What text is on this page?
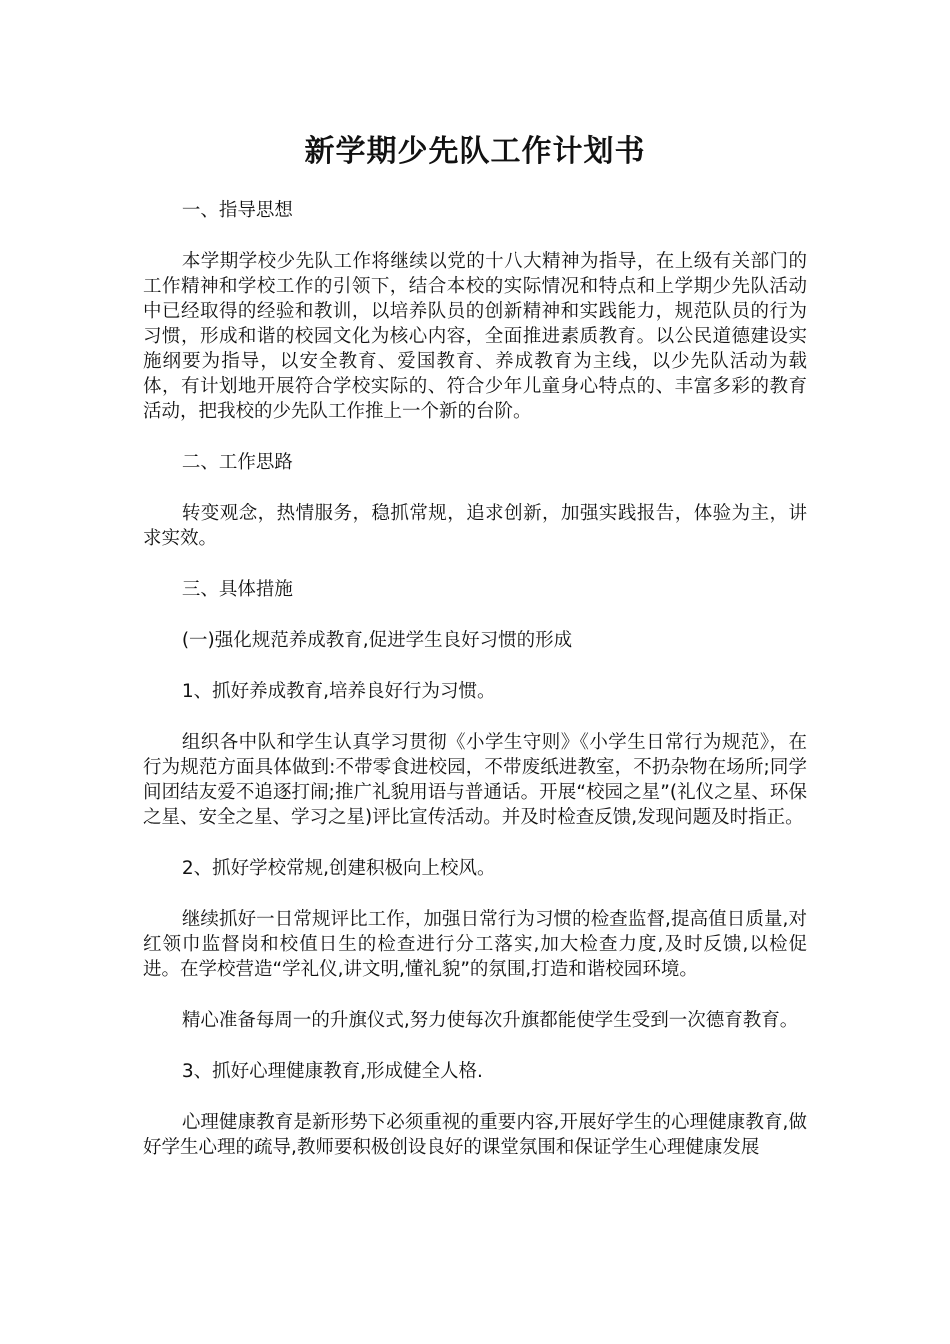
新学期少先队工作计划书

一、指导思想

本学期学校少先队工作将继续以党的十八大精神为指导，在上级有关部门的工作精神和学校工作的引领下，结合本校的实际情况和特点和上学期少先队活动中已经取得的经验和教训，以培养队员的创新精神和实践能力，规范队员的行为习惯，形成和谐的校园文化为核心内容，全面推进素质教育。以公民道德建设实施纲要为指导，以安全教育、爱国教育、养成教育为主线，以少先队活动为载体，有计划地开展符合学校实际的、符合少年儿童身心特点的、丰富多彩的教育活动，把我校的少先队工作推上一个新的台阶。

二、工作思路

转变观念，热情服务，稳抓常规，追求创新，加强实践报告，体验为主，讲求实效。

三、具体措施

(一)强化规范养成教育,促进学生良好习惯的形成

1、抓好养成教育,培养良好行为习惯。

组织各中队和学生认真学习贯彻《小学生守则》《小学生日常行为规范》，在行为规范方面具体做到:不带零食进校园，不带废纸进教室，不扔杂物在场所;同学间团结友爱不追逐打闹;推广礼貌用语与普通话。开展“校园之星”(礼仪之星、环保之星、安全之星、学习之星)评比宣传活动。并及时检查反馈,发现问题及时指正。

2、抓好学校常规,创建积极向上校风。

继续抓好一日常规评比工作，加强日常行为习惯的检查监督,提高值日质量,对红领巾监督岗和校值日生的检查进行分工落实,加大检查力度,及时反馈,以检促进。在学校营造“学礼仪,讲文明,懂礼貌”的氛围,打造和谐校园环境。

精心准备每周一的升旗仪式,努力使每次升旗都能使学生受到一次德育教育。

3、抓好心理健康教育,形成健全人格.

心理健康教育是新形势下必须重视的重要内容,开展好学生的心理健康教育,做好学生心理的疏导,教师要积极创设良好的课堂氛围和保证学生心理健康发展
